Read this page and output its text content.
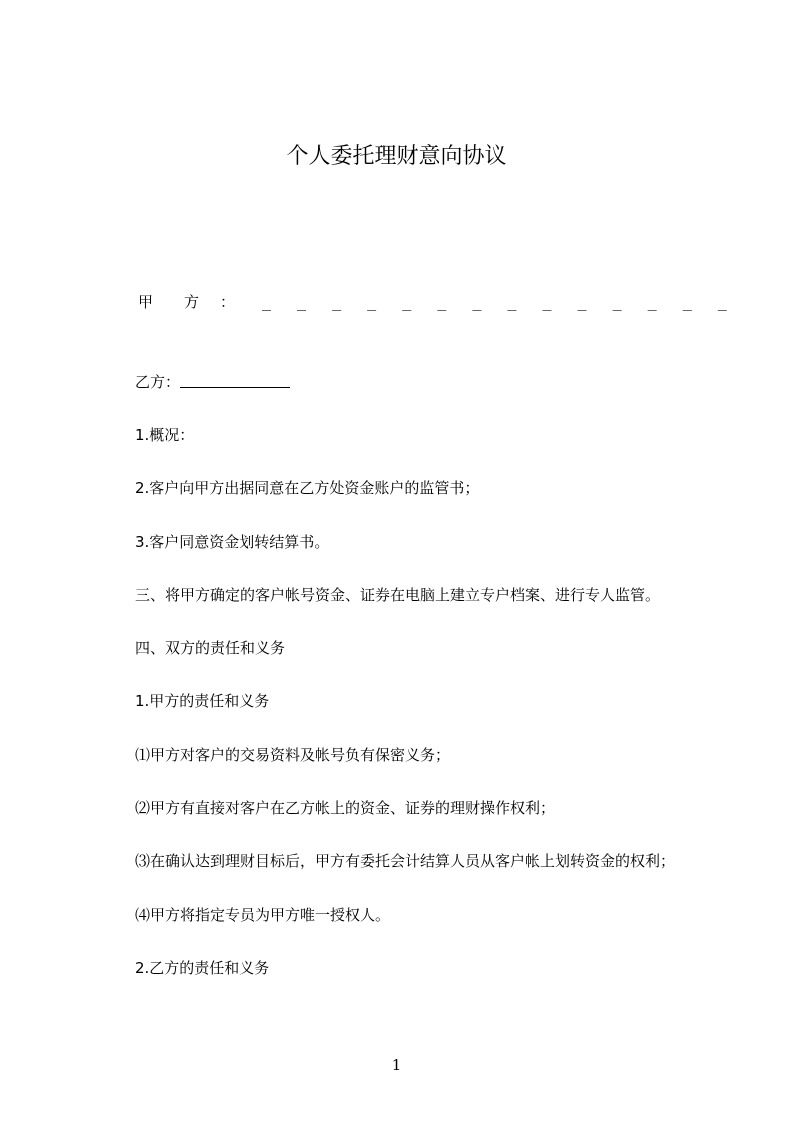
个人委托理财意向协议
甲 方 ： _ _ _ _ _ _ _ _ _ _ _ _ _ _
乙方：
1.概况：
2.客户向甲方出据同意在乙方处资金账户的监管书；
3.客户同意资金划转结算书。
三、将甲方确定的客户帐号资金、证券在电脑上建立专户档案、进行专人监管。
四、双方的责任和义务
1.甲方的责任和义务
⑴甲方对客户的交易资料及帐号负有保密义务；
⑵甲方有直接对客户在乙方帐上的资金、证券的理财操作权利；
⑶在确认达到理财目标后，甲方有委托会计结算人员从客户帐上划转资金的权利；
⑷甲方将指定专员为甲方唯一授权人。
2.乙方的责任和义务
1
